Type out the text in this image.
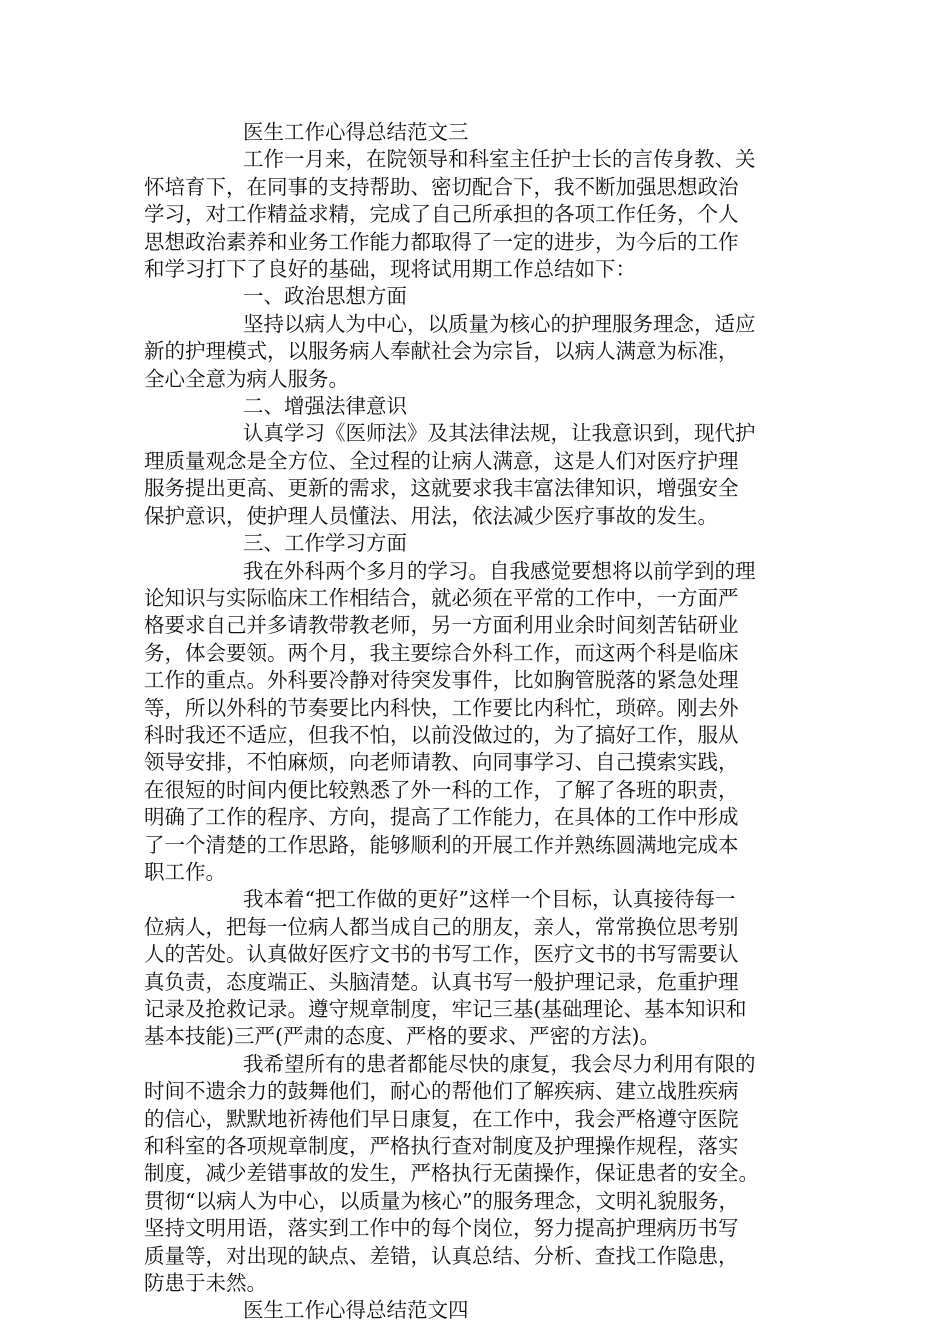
医生工作心得总结范文三

工作一月来，在院领导和科室主任护士长的言传身教、关
怀培育下，在同事的支持帮助、密切配合下，我不断加强思想政治
学习，对工作精益求精，完成了自己所承担的各项工作任务，个人
思想政治素养和业务工作能力都取得了一定的进步，为今后的工作
和学习打下了良好的基础，现将试用期工作总结如下：

一、政治思想方面

坚持以病人为中心，以质量为核心的护理服务理念，适应
新的护理模式，以服务病人奉献社会为宗旨，以病人满意为标准，
全心全意为病人服务。

二、增强法律意识

认真学习《医师法》及其法律法规，让我意识到，现代护
理质量观念是全方位、全过程的让病人满意，这是人们对医疗护理
服务提出更高、更新的需求，这就要求我丰富法律知识，增强安全
保护意识，使护理人员懂法、用法，依法减少医疗事故的发生。

三、工作学习方面

我在外科两个多月的学习。自我感觉要想将以前学到的理
论知识与实际临床工作相结合，就必须在平常的工作中，一方面严
格要求自己并多请教带教老师，另一方面利用业余时间刻苦钻研业
务，体会要领。两个月，我主要综合外科工作，而这两个科是临床
工作的重点。外科要冷静对待突发事件，比如胸管脱落的紧急处理
等，所以外科的节奏要比内科快，工作要比内科忙，琐碎。刚去外
科时我还不适应，但我不怕，以前没做过的，为了搞好工作，服从
领导安排，不怕麻烦，向老师请教、向同事学习、自己摸索实践，
在很短的时间内便比较熟悉了外一科的工作，了解了各班的职责，
明确了工作的程序、方向，提高了工作能力，在具体的工作中形成
了一个清楚的工作思路，能够顺利的开展工作并熟练圆满地完成本
职工作。

我本着“把工作做的更好”这样一个目标，认真接待每一
位病人，把每一位病人都当成自己的朋友，亲人，常常换位思考别
人的苦处。认真做好医疗文书的书写工作，医疗文书的书写需要认
真负责，态度端正、头脑清楚。认真书写一般护理记录，危重护理
记录及抢救记录。遵守规章制度，牢记三基(基础理论、基本知识和
基本技能)三严(严肃的态度、严格的要求、严密的方法)。

我希望所有的患者都能尽快的康复，我会尽力利用有限的
时间不遗余力的鼓舞他们，耐心的帮他们了解疾病、建立战胜疾病
的信心，默默地祈祷他们早日康复，在工作中，我会严格遵守医院
和科室的各项规章制度，严格执行查对制度及护理操作规程，落实
制度，减少差错事故的发生，严格执行无菌操作，保证患者的安全。
贯彻“以病人为中心，以质量为核心”的服务理念，文明礼貌服务，
坚持文明用语，落实到工作中的每个岗位，努力提高护理病历书写
质量等，对出现的缺点、差错，认真总结、分析、查找工作隐患，
防患于未然。

医生工作心得总结范文四
